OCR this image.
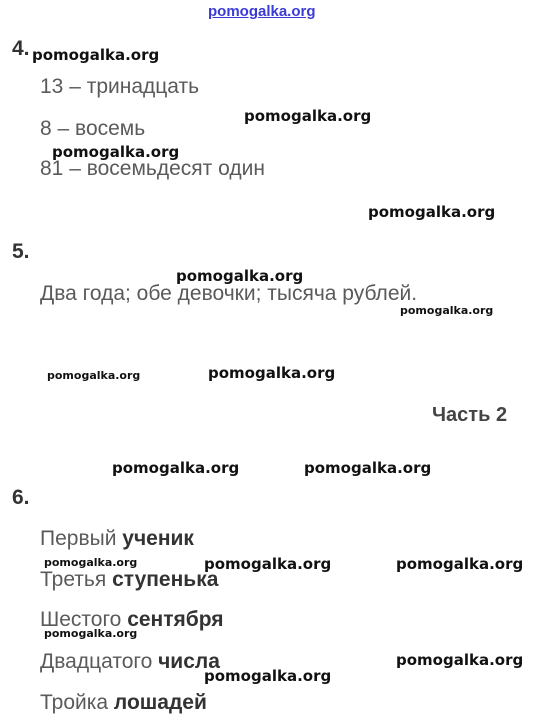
pomogalka.org
4. pomogalka.org
13 – тринадцать
pomogalka.org
8 – восемь
pomogalka.org
81 – восемьдесят один
pomogalka.org
5.
pomogalka.org
Два года; обе девочки; тысяча рублей.
pomogalka.org
pomogalka.org	pomogalka.org
Часть 2
pomogalka.org	pomogalka.org
6.
Первый ученик
pomogalka.org	pomogalka.org	pomogalka.org
Третья ступенька
Шестого сентября
pomogalka.org
Двадцатого числа	pomogalka.org
pomogalka.org
Тройка лошадей
